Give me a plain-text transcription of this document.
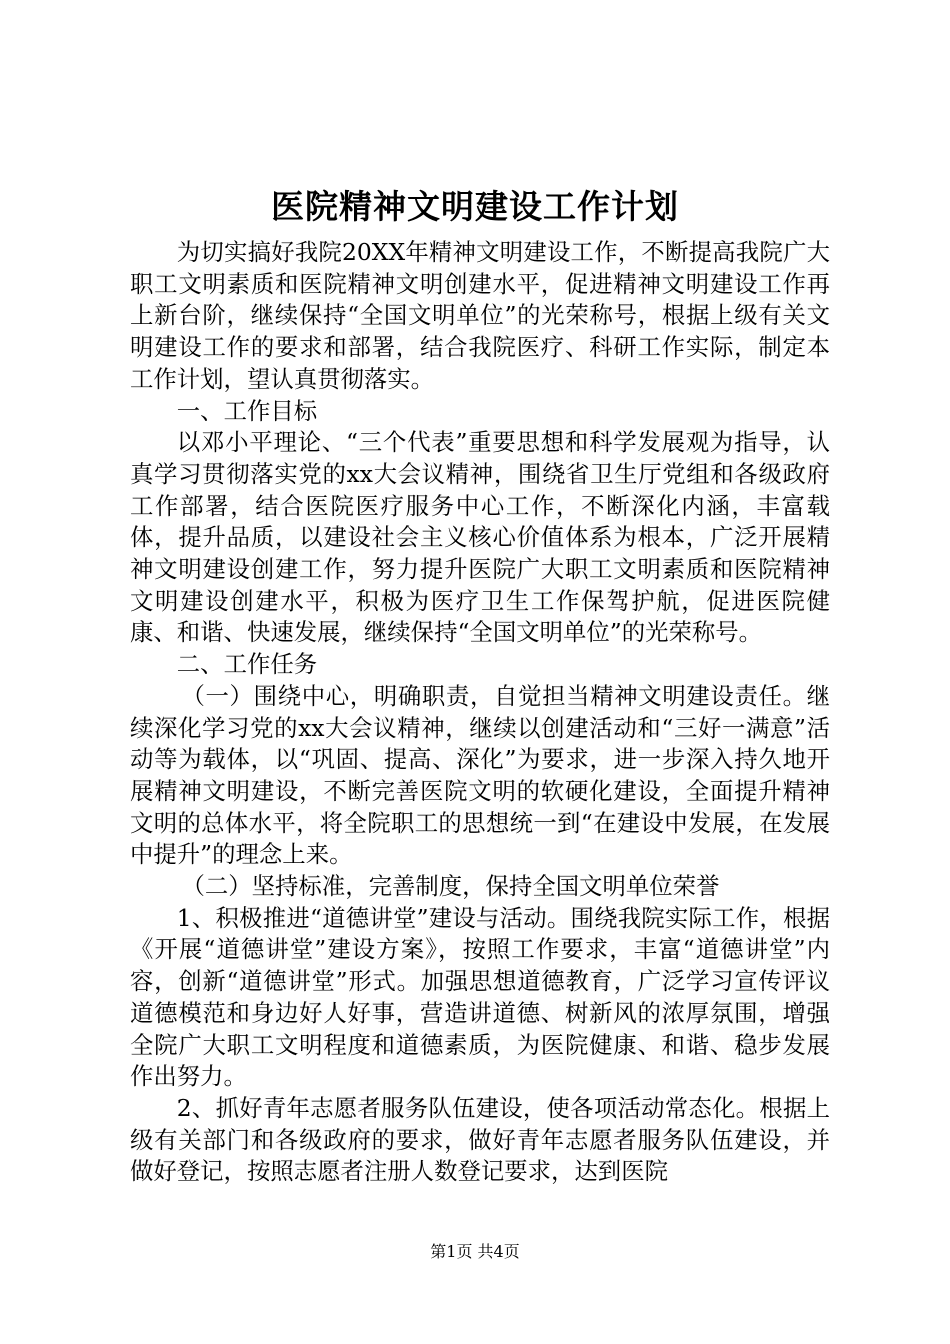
医院精神文明建设工作计划

为切实搞好我院20XX年精神文明建设工作，不断提高我院广大职工文明素质和医院精神文明创建水平，促进精神文明建设工作再上新台阶，继续保持“全国文明单位”的光荣称号，根据上级有关文明建设工作的要求和部署，结合我院医疗、科研工作实际，制定本工作计划，望认真贯彻落实。

一、工作目标

以邓小平理论、“三个代表”重要思想和科学发展观为指导，认真学习贯彻落实党的xx大会议精神，围绕省卫生厅党组和各级政府工作部署，结合医院医疗服务中心工作，不断深化内涵，丰富载体，提升品质，以建设社会主义核心价值体系为根本，广泛开展精神文明建设创建工作，努力提升医院广大职工文明素质和医院精神文明建设创建水平，积极为医疗卫生工作保驾护航，促进医院健康、和谐、快速发展，继续保持“全国文明单位”的光荣称号。

二、工作任务

（一）围绕中心，明确职责，自觉担当精神文明建设责任。继续深化学习党的xx大会议精神，继续以创建活动和“三好一满意”活动等为载体，以“巩固、提高、深化”为要求，进一步深入持久地开展精神文明建设，不断完善医院文明的软硬化建设，全面提升精神文明的总体水平，将全院职工的思想统一到“在建设中发展，在发展中提升”的理念上来。

（二）坚持标准，完善制度，保持全国文明单位荣誉

1、积极推进“道德讲堂”建设与活动。围绕我院实际工作，根据《开展“道德讲堂”建设方案》，按照工作要求，丰富“道德讲堂”内容，创新“道德讲堂”形式。加强思想道德教育，广泛学习宣传评议道德模范和身边好人好事，营造讲道德、树新风的浓厚氛围，增强全院广大职工文明程度和道德素质，为医院健康、和谐、稳步发展作出努力。

2、抓好青年志愿者服务队伍建设，使各项活动常态化。根据上级有关部门和各级政府的要求，做好青年志愿者服务队伍建设，并做好登记，按照志愿者注册人数登记要求，达到医院

第1页 共4页
